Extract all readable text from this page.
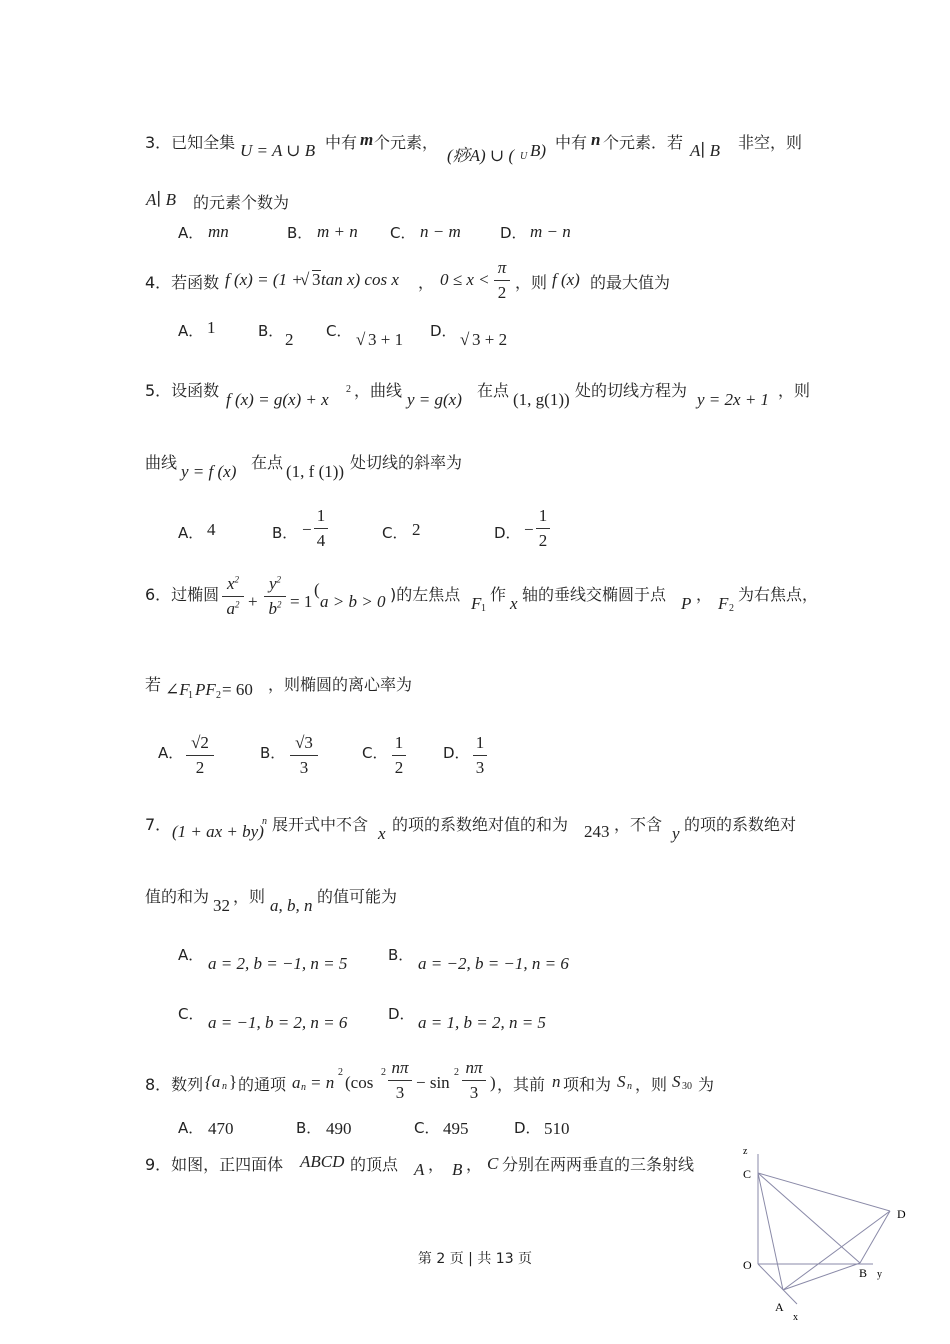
3．已知全集 U = A ∪ B 中有 m 个元素，
(痧A) ∪ ( U B) 中有 n 个元素．若 A∣ B 非空，则
A∣ B 的元素个数为
A． mn	B． m + n C． n − m	D． m − n
4．若函数 f (x) = (1 +
√ 3 tan x) cos x ， 0 ≤ x <
π
2
，则 f (x) 的最大值为
A． 1	B． 2 C． √ 3 + 1 D． √ 3 + 2
5．设函数 f (x) = g(x) + x
2 ，曲线 y = g(x) 在点 (1, g(1)) 处的切线方程为 y = 2x + 1 ，则
曲线 y = f (x) 在点 (1, f (1)) 处切线的斜率为
A． 4	B． −
1
4	C． 2	D． −
1
2
6．过椭圆
$x^2$
$a^2$ +
$y^2$
$b^2 = 1$
(
a > b > 0 )的左焦点 F 1
作 x 轴的垂线交椭圆于点 P ， F 2
为右焦点，
若 ∠F
1 PF 2 = 60 ，则椭圆的离心率为
A．
√2
2
B．
√3
3
C．
1
2
D．
1
3
7． (1 + ax + by)
n 展开式中不含 x 的项的系数绝对值的和为 243 ，不含 y 的项的系数绝对
值的和为 32 ，则 a, b, n 的值可能为
A． a = 2, b = −1, n = 5	B． a = −2, b = −1, n = 6
C． a = −1, b = 2, n = 6	D． a = 1, b = 2, n = 5
8．数列 {a n } 的通项 a n = n
2
(cos
2 nπ
3
− sin
2 nπ
3
) ，其前 n 项和为 S n ，则 S 30 为
A． 470	B． 490	C． 495	D． 510
9．如图，正四面体 ABCD 的顶点 A ， B ， C 分别在两两垂直的三条射线
z
C
D
O
B y
A
x
第 2 页 | 共 13 页
